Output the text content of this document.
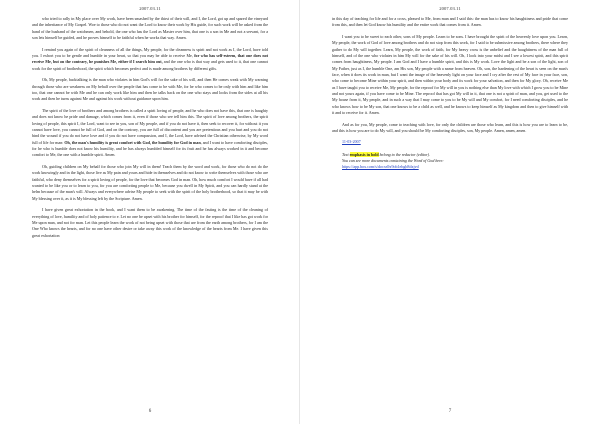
2007.03.11

who tried to rally in My place over My work, have been smashed by the thirst of their will, and I, the Lord, got up and spared the vineyard and the inheritance of My Gospel. Woe to those who do not want the Lord to know their work by His guide, for such work will be asked from the hand of the husband of the watchmen, and behold, the one who has the Lord as Master over him, that one is a son in Me and not a servant, for a son lets himself be guided, and he proves himself to be faithful when he works that way. Amen.

I remind you again of the spirit of cleanness of all the things, My people, for the cleanness is spirit and not work as I, the Lord, have told you. I exhort you to be gentle and humble in your heart, so that you may be able to receive Me, for who has self-esteem, that one does not receive Me, but on the contrary, he punishes Me, either if I search him out, and the one who is that way and gets used to it, that one cannot work for the spirit of brotherhood, the spirit which becomes perfect and is made among brothers by different gifts.

Oh, My people, backtalking is the man who violates in him God's will for the sake of his will, and then He comes weak with My warning through those who are weakness on My behalf over the people that has come to be with Me, for he who comes to be only with him and like him too, that one cannot be with Me and he can only work like him and then he talks back on the one who stays and looks from the sides at all his work and then he turns against Me and against his work without guidance upon him.

The spirit of the love of brothers and among brothers is called a spirit loving of people, and he who does not have this, that one is haughty and does not know he pride and damage, which comes from it, even if those who see tell him this. The spirit of love among brothers, the spirit loving of people, this spirit I, the Lord, want to see in you, son of My people, and if you do not have it, then seek to recover it, for without it you cannot have love, you cannot be full of God, and on the contrary, you are full of discontent and you are pretentious and you hurt and you do not bind the wound if you do not have love and if you do not have compassion, and I, the Lord, have advised the Christian otherwise, by My word full of life for man: Oh, the man's humility is great comfort with God, the humility for God in man, and I want to have comforting disciples, for he who is humble does not know his humility, and he has always humbled himself for its fruit and he has always worked in it and become comfort to Me, the one with a humble spirit. Amen.

Oh, guiding children on My behalf for those who join My will in them! Teach them by the word and work, for those who do not do the work knowingly and in the light, those live as My pain and yours and hide in themselves and do not know to write themselves with those who are faithful, who deny themselves for a spirit loving of people, for the love that becomes God in man. Oh, how much comfort I would have if all had wanted to be like you or to learn to you, for you are comforting people to Me, because you dwell in My Spirit, and you can hardly stand at the helm because of the man's will. Always and everywhere advise My people to seek with the spirit of the holy brotherhood, so that it may be with My blessing over it, as it is My blessing left by the Scripture. Amen.

I have given great exhortation in the book, and I want them to be awakening. The time of the fasting is the time of the cleaning of everything of love, humility and of holy patience to e. Let no one be upset with his brother for himself, for the reproof that I like has got work for Me upon man, and not for man. Let this people learn the work of not being upset with those that are from the earth among brothers, for I am the One Who knows the hearts, and for no one have other desire or take away this work of the knowledge of the hearts from Me. I have given this great exhortation

6
2007.03.11

in this day of teaching for life and for a cross, pleased to Me, from man and I said this: the man has to know his haughtiness and pride that come from this, and then let God know his humility and the entire work that comes from it. Amen.

I want you to be sweet to each other, sons of My people. Learn to be sons. I have brought the spirit of the heavenly love upon you. Learn, My people, the work of God of love among brothers and do not stop from this work, for I said to be submissive among brothers, there where they gather to do My will together. Learn, My people, the work of faith, for My heavy cross is the unbelief and the haughtiness of the man full of himself, and of the one who violates in him My will for the sake of his will. Oh, I look into your midst and I see a lowest spirit, and this spirit comes from haughtiness, My people. I am God and I have a humble spirit, and this is My work. Love the light and be a son of the light, son of My Father, just as I, the humble One, am His son, My people with a name from heaven. Oh, son, the hardening of the heart is seen on the man's face, when it does its work in man, but I want the image of the heavenly light on your face and I cry after the rest of My face in your face, son, who come to become Mine within your spirit, and then within your body and its work for your salvation, and then for My glory. Oh, receive Me as I have taught you to receive Me, My people, for the reproof for My will in you is nothing else than My love with which I grow you to be Mine and not yours again, if you have come to be Mine. The reproof that has got My will in it, that one is not a spirit of man, and you, get used to the My house from it, My people, and in such a way that I may come to you to be My will and My comfort, for I need comforting disciples, and he who knows how to be My son, that one knows to be a child as well, and he knows to keep himself as My kingdom and then to give himself with it and to receive for it. Amen.

And as for you, My people, come to teaching with love, for only the children are those who learn, and this is how you are to learn to be, and this is how you are to do My will, and you should be My comforting disciples, son, My people. Amen, amen, amen.

11-03-2007
Text emphasis in bold belong to the redactor (editor).
You can see more documents containing the Word of God here:
https://app.box.com/s/docxs9x9ob1ehgb8dxjvd
7
